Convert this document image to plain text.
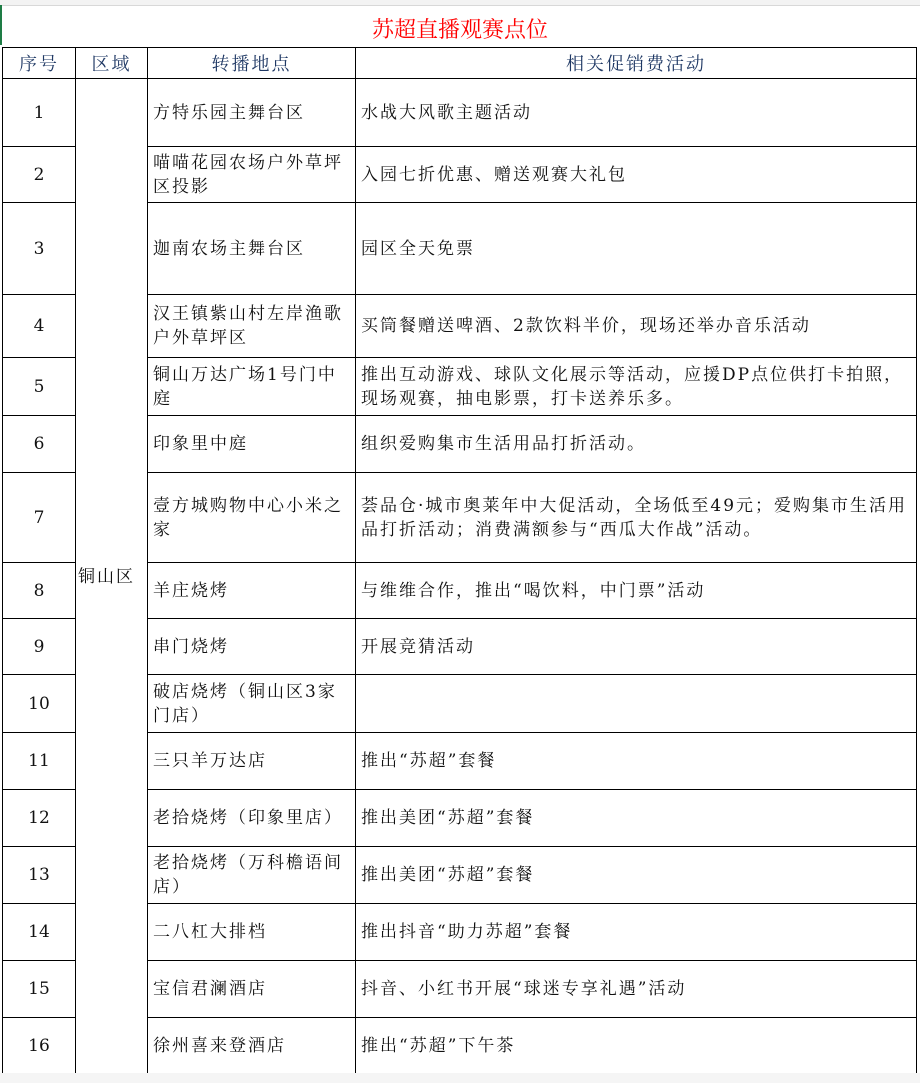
苏超直播观赛点位
序号	区域	转播地点	相关促销费活动
1	铜山区	方特乐园主舞台区	水战大风歌主题活动
2		喵喵花园农场户外草坪区投影	入园七折优惠、赠送观赛大礼包
3		迦南农场主舞台区	园区全天免票
4		汉王镇紫山村左岸渔歌户外草坪区	买筒餐赠送啤酒、2款饮料半价，现场还举办音乐活动
5		铜山万达广场1号门中庭	推出互动游戏、球队文化展示等活动，应援DP点位供打卡拍照，现场观赛，抽电影票，打卡送养乐多。
6		印象里中庭	组织爱购集市生活用品打折活动。
7		壹方城购物中心小米之家	荟品仓·城市奥莱年中大促活动，全场低至49元；爱购集市生活用品打折活动；消费满额参与“西瓜大作战”活动。
8		羊庄烧烤	与维维合作，推出“喝饮料，中门票”活动
9		串门烧烤	开展竞猜活动
10		破店烧烤（铜山区3家门店）	
11		三只羊万达店	推出“苏超”套餐
12		老拾烧烤（印象里店）	推出美团“苏超”套餐
13		老拾烧烤（万科檐语间店）	推出美团“苏超”套餐
14		二八杠大排档	推出抖音“助力苏超”套餐
15		宝信君澜酒店	抖音、小红书开展“球迷专享礼遇”活动
16		徐州喜来登酒店	推出“苏超”下午茶
